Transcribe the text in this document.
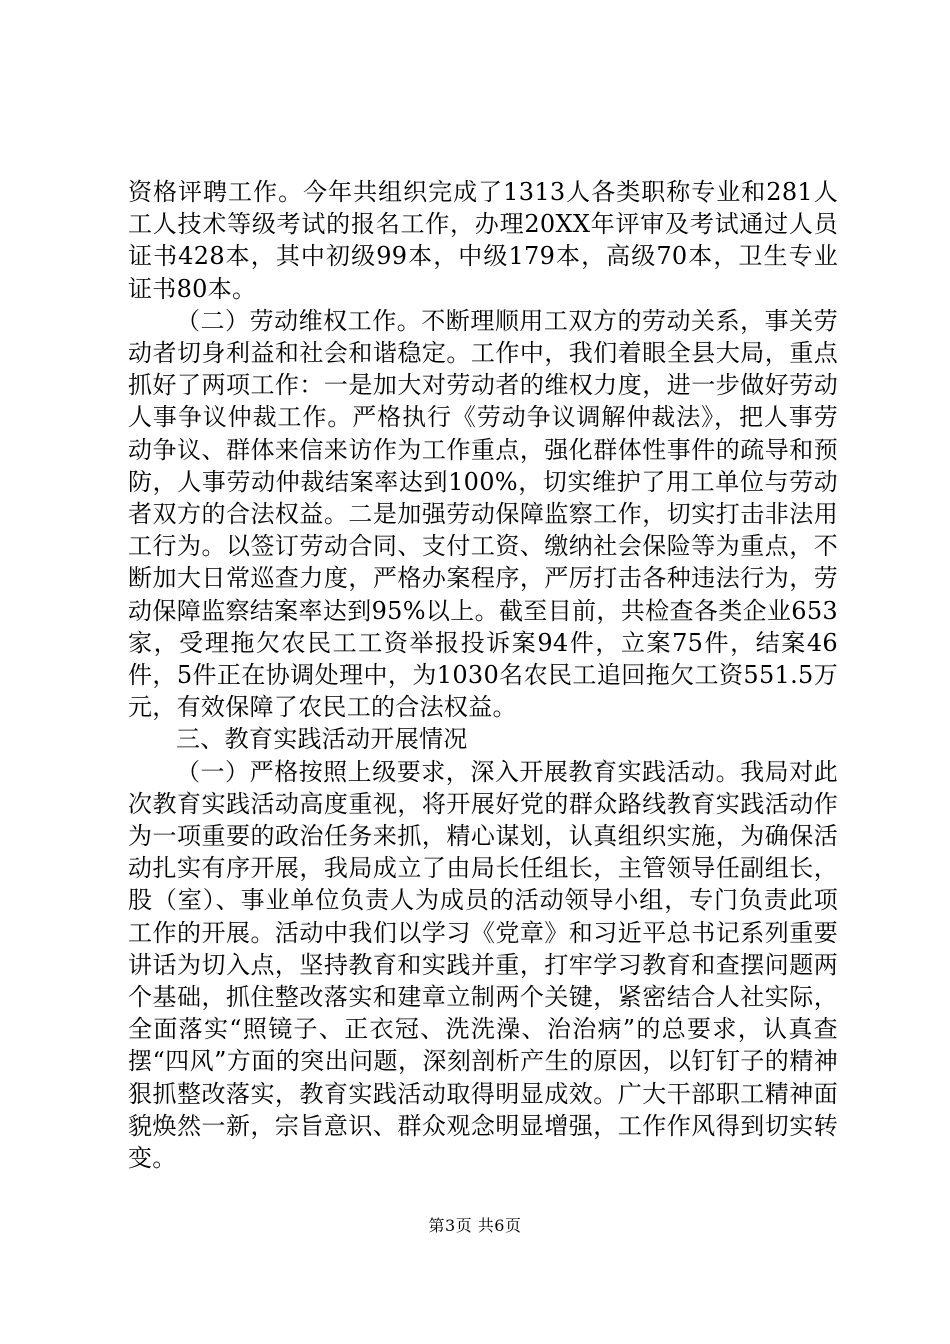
资格评聘工作。今年共组织完成了1313人各类职称专业和281人工人技术等级考试的报名工作，办理20XX年评审及考试通过人员证书428本，其中初级99本，中级179本，高级70本，卫生专业证书80本。

（二）劳动维权工作。不断理顺用工双方的劳动关系，事关劳动者切身利益和社会和谐稳定。工作中，我们着眼全县大局，重点抓好了两项工作：一是加大对劳动者的维权力度，进一步做好劳动人事争议仲裁工作。严格执行《劳动争议调解仲裁法》，把人事劳动争议、群体来信来访作为工作重点，强化群体性事件的疏导和预防，人事劳动仲裁结案率达到100%，切实维护了用工单位与劳动者双方的合法权益。二是加强劳动保障监察工作，切实打击非法用工行为。以签订劳动合同、支付工资、缴纳社会保险等为重点，不断加大日常巡查力度，严格办案程序，严厉打击各种违法行为，劳动保障监察结案率达到95%以上。截至目前，共检查各类企业653家，受理拖欠农民工工资举报投诉案94件，立案75件，结案46件，5件正在协调处理中，为1030名农民工追回拖欠工资551.5万元，有效保障了农民工的合法权益。

三、教育实践活动开展情况

（一）严格按照上级要求，深入开展教育实践活动。我局对此次教育实践活动高度重视，将开展好党的群众路线教育实践活动作为一项重要的政治任务来抓，精心谋划，认真组织实施，为确保活动扎实有序开展，我局成立了由局长任组长，主管领导任副组长，股（室）、事业单位负责人为成员的活动领导小组，专门负责此项工作的开展。活动中我们以学习《党章》和习近平总书记系列重要讲话为切入点，坚持教育和实践并重，打牢学习教育和查摆问题两个基础，抓住整改落实和建章立制两个关键，紧密结合人社实际，全面落实“照镜子、正衣冠、洗洗澡、治治病”的总要求，认真查摆“四风”方面的突出问题，深刻剖析产生的原因，以钉钉子的精神狠抓整改落实，教育实践活动取得明显成效。广大干部职工精神面貌焕然一新，宗旨意识、群众观念明显增强，工作作风得到切实转变。

第3页 共6页
